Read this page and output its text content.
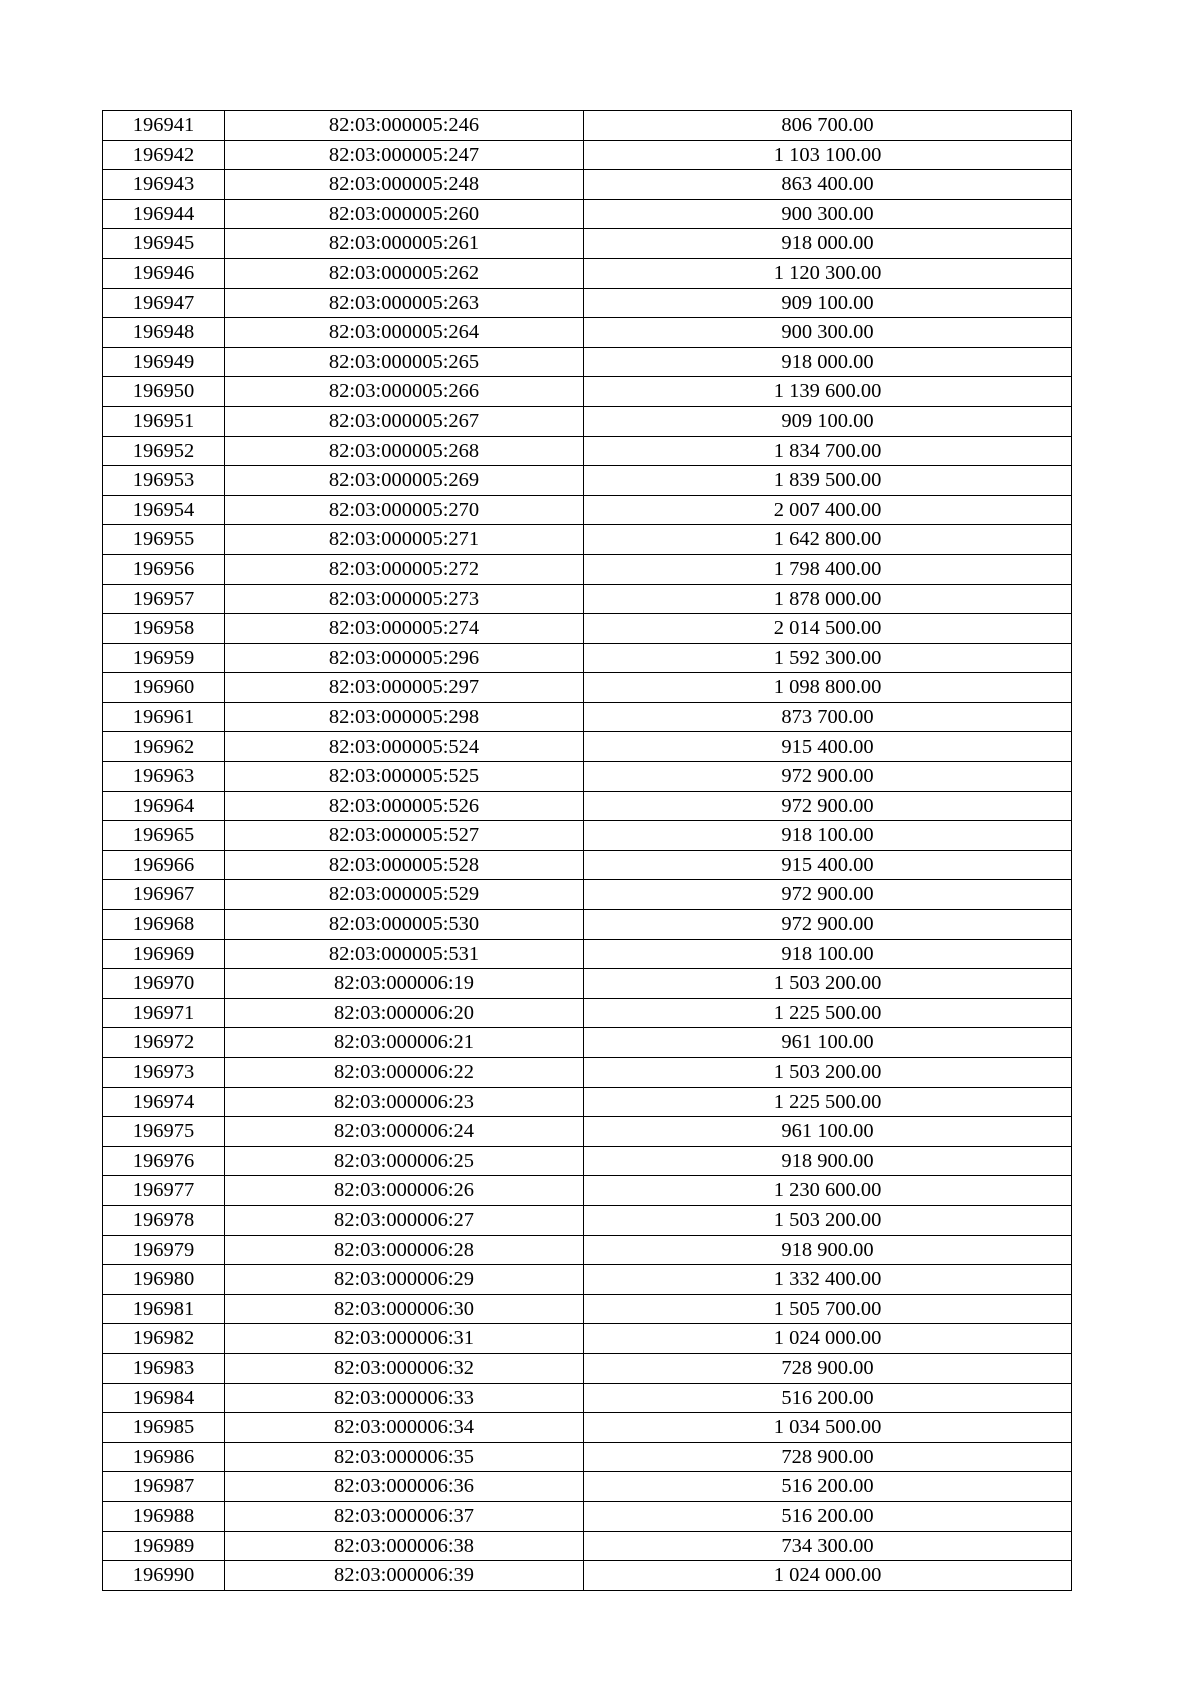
196941	82:03:000005:246	806 700.00
196942	82:03:000005:247	1 103 100.00
196943	82:03:000005:248	863 400.00
196944	82:03:000005:260	900 300.00
196945	82:03:000005:261	918 000.00
196946	82:03:000005:262	1 120 300.00
196947	82:03:000005:263	909 100.00
196948	82:03:000005:264	900 300.00
196949	82:03:000005:265	918 000.00
196950	82:03:000005:266	1 139 600.00
196951	82:03:000005:267	909 100.00
196952	82:03:000005:268	1 834 700.00
196953	82:03:000005:269	1 839 500.00
196954	82:03:000005:270	2 007 400.00
196955	82:03:000005:271	1 642 800.00
196956	82:03:000005:272	1 798 400.00
196957	82:03:000005:273	1 878 000.00
196958	82:03:000005:274	2 014 500.00
196959	82:03:000005:296	1 592 300.00
196960	82:03:000005:297	1 098 800.00
196961	82:03:000005:298	873 700.00
196962	82:03:000005:524	915 400.00
196963	82:03:000005:525	972 900.00
196964	82:03:000005:526	972 900.00
196965	82:03:000005:527	918 100.00
196966	82:03:000005:528	915 400.00
196967	82:03:000005:529	972 900.00
196968	82:03:000005:530	972 900.00
196969	82:03:000005:531	918 100.00
196970	82:03:000006:19	1 503 200.00
196971	82:03:000006:20	1 225 500.00
196972	82:03:000006:21	961 100.00
196973	82:03:000006:22	1 503 200.00
196974	82:03:000006:23	1 225 500.00
196975	82:03:000006:24	961 100.00
196976	82:03:000006:25	918 900.00
196977	82:03:000006:26	1 230 600.00
196978	82:03:000006:27	1 503 200.00
196979	82:03:000006:28	918 900.00
196980	82:03:000006:29	1 332 400.00
196981	82:03:000006:30	1 505 700.00
196982	82:03:000006:31	1 024 000.00
196983	82:03:000006:32	728 900.00
196984	82:03:000006:33	516 200.00
196985	82:03:000006:34	1 034 500.00
196986	82:03:000006:35	728 900.00
196987	82:03:000006:36	516 200.00
196988	82:03:000006:37	516 200.00
196989	82:03:000006:38	734 300.00
196990	82:03:000006:39	1 024 000.00
